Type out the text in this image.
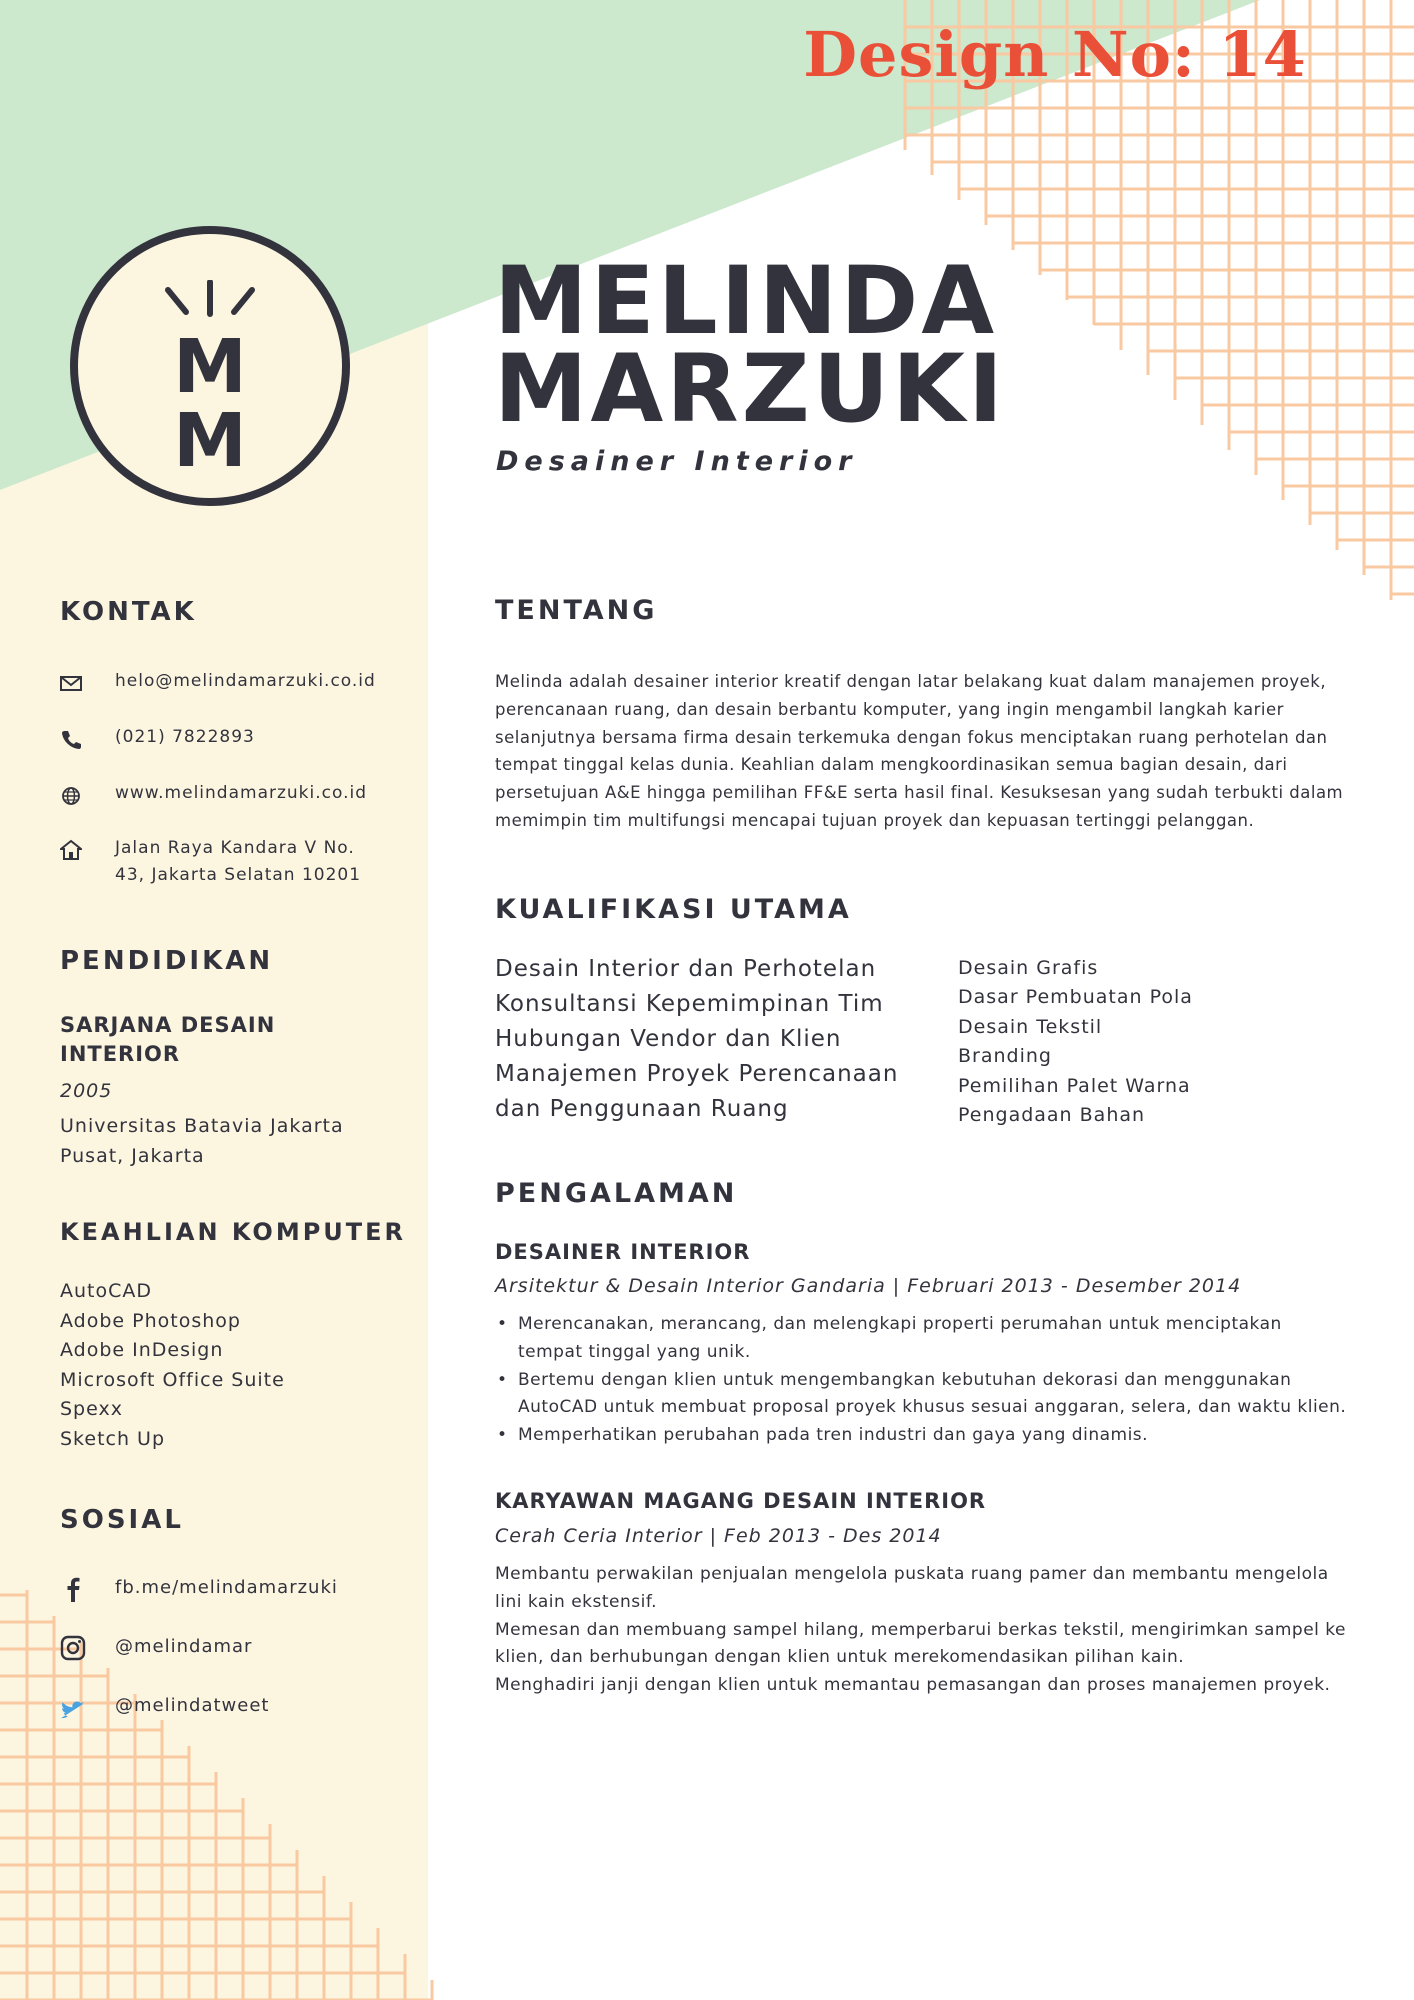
Design No: 14
M
M
MELINDA
MARZUKI
Desainer Interior
KONTAK
helo@melindamarzuki.co.id
(021) 7822893
www.melindamarzuki.co.id
Jalan Raya Kandara V No.
43, Jakarta Selatan 10201
PENDIDIKAN
SARJANA DESAIN
INTERIOR
2005
Universitas Batavia Jakarta
Pusat, Jakarta
KEAHLIAN KOMPUTER
AutoCAD
Adobe Photoshop
Adobe InDesign
Microsoft Office Suite
Spexx
Sketch Up
SOSIAL
fb.me/melindamarzuki
@melindamar
@melindatweet
TENTANG
Melinda adalah desainer interior kreatif dengan latar belakang kuat dalam manajemen proyek, perencanaan ruang, dan desain berbantu komputer, yang ingin mengambil langkah karier selanjutnya bersama firma desain terkemuka dengan fokus menciptakan ruang perhotelan dan tempat tinggal kelas dunia. Keahlian dalam mengkoordinasikan semua bagian desain, dari persetujuan A&E hingga pemilihan FF&E serta hasil final. Kesuksesan yang sudah terbukti dalam memimpin tim multifungsi mencapai tujuan proyek dan kepuasan tertinggi pelanggan.
KUALIFIKASI UTAMA
Desain Interior dan Perhotelan
Konsultansi Kepemimpinan Tim
Hubungan Vendor dan Klien
Manajemen Proyek Perencanaan
dan Penggunaan Ruang
Desain Grafis
Dasar Pembuatan Pola
Desain Tekstil
Branding
Pemilihan Palet Warna
Pengadaan Bahan
PENGALAMAN
DESAINER INTERIOR
Arsitektur & Desain Interior Gandaria | Februari 2013 - Desember 2014
• Merencanakan, merancang, dan melengkapi properti perumahan untuk menciptakan tempat tinggal yang unik.
• Bertemu dengan klien untuk mengembangkan kebutuhan dekorasi dan menggunakan AutoCAD untuk membuat proposal proyek khusus sesuai anggaran, selera, dan waktu klien.
• Memperhatikan perubahan pada tren industri dan gaya yang dinamis.
KARYAWAN MAGANG DESAIN INTERIOR
Cerah Ceria Interior | Feb 2013 - Des 2014
Membantu perwakilan penjualan mengelola puskata ruang pamer dan membantu mengelola lini kain ekstensif.
Memesan dan membuang sampel hilang, memperbarui berkas tekstil, mengirimkan sampel ke klien, dan berhubungan dengan klien untuk merekomendasikan pilihan kain.
Menghadiri janji dengan klien untuk memantau pemasangan dan proses manajemen proyek.
